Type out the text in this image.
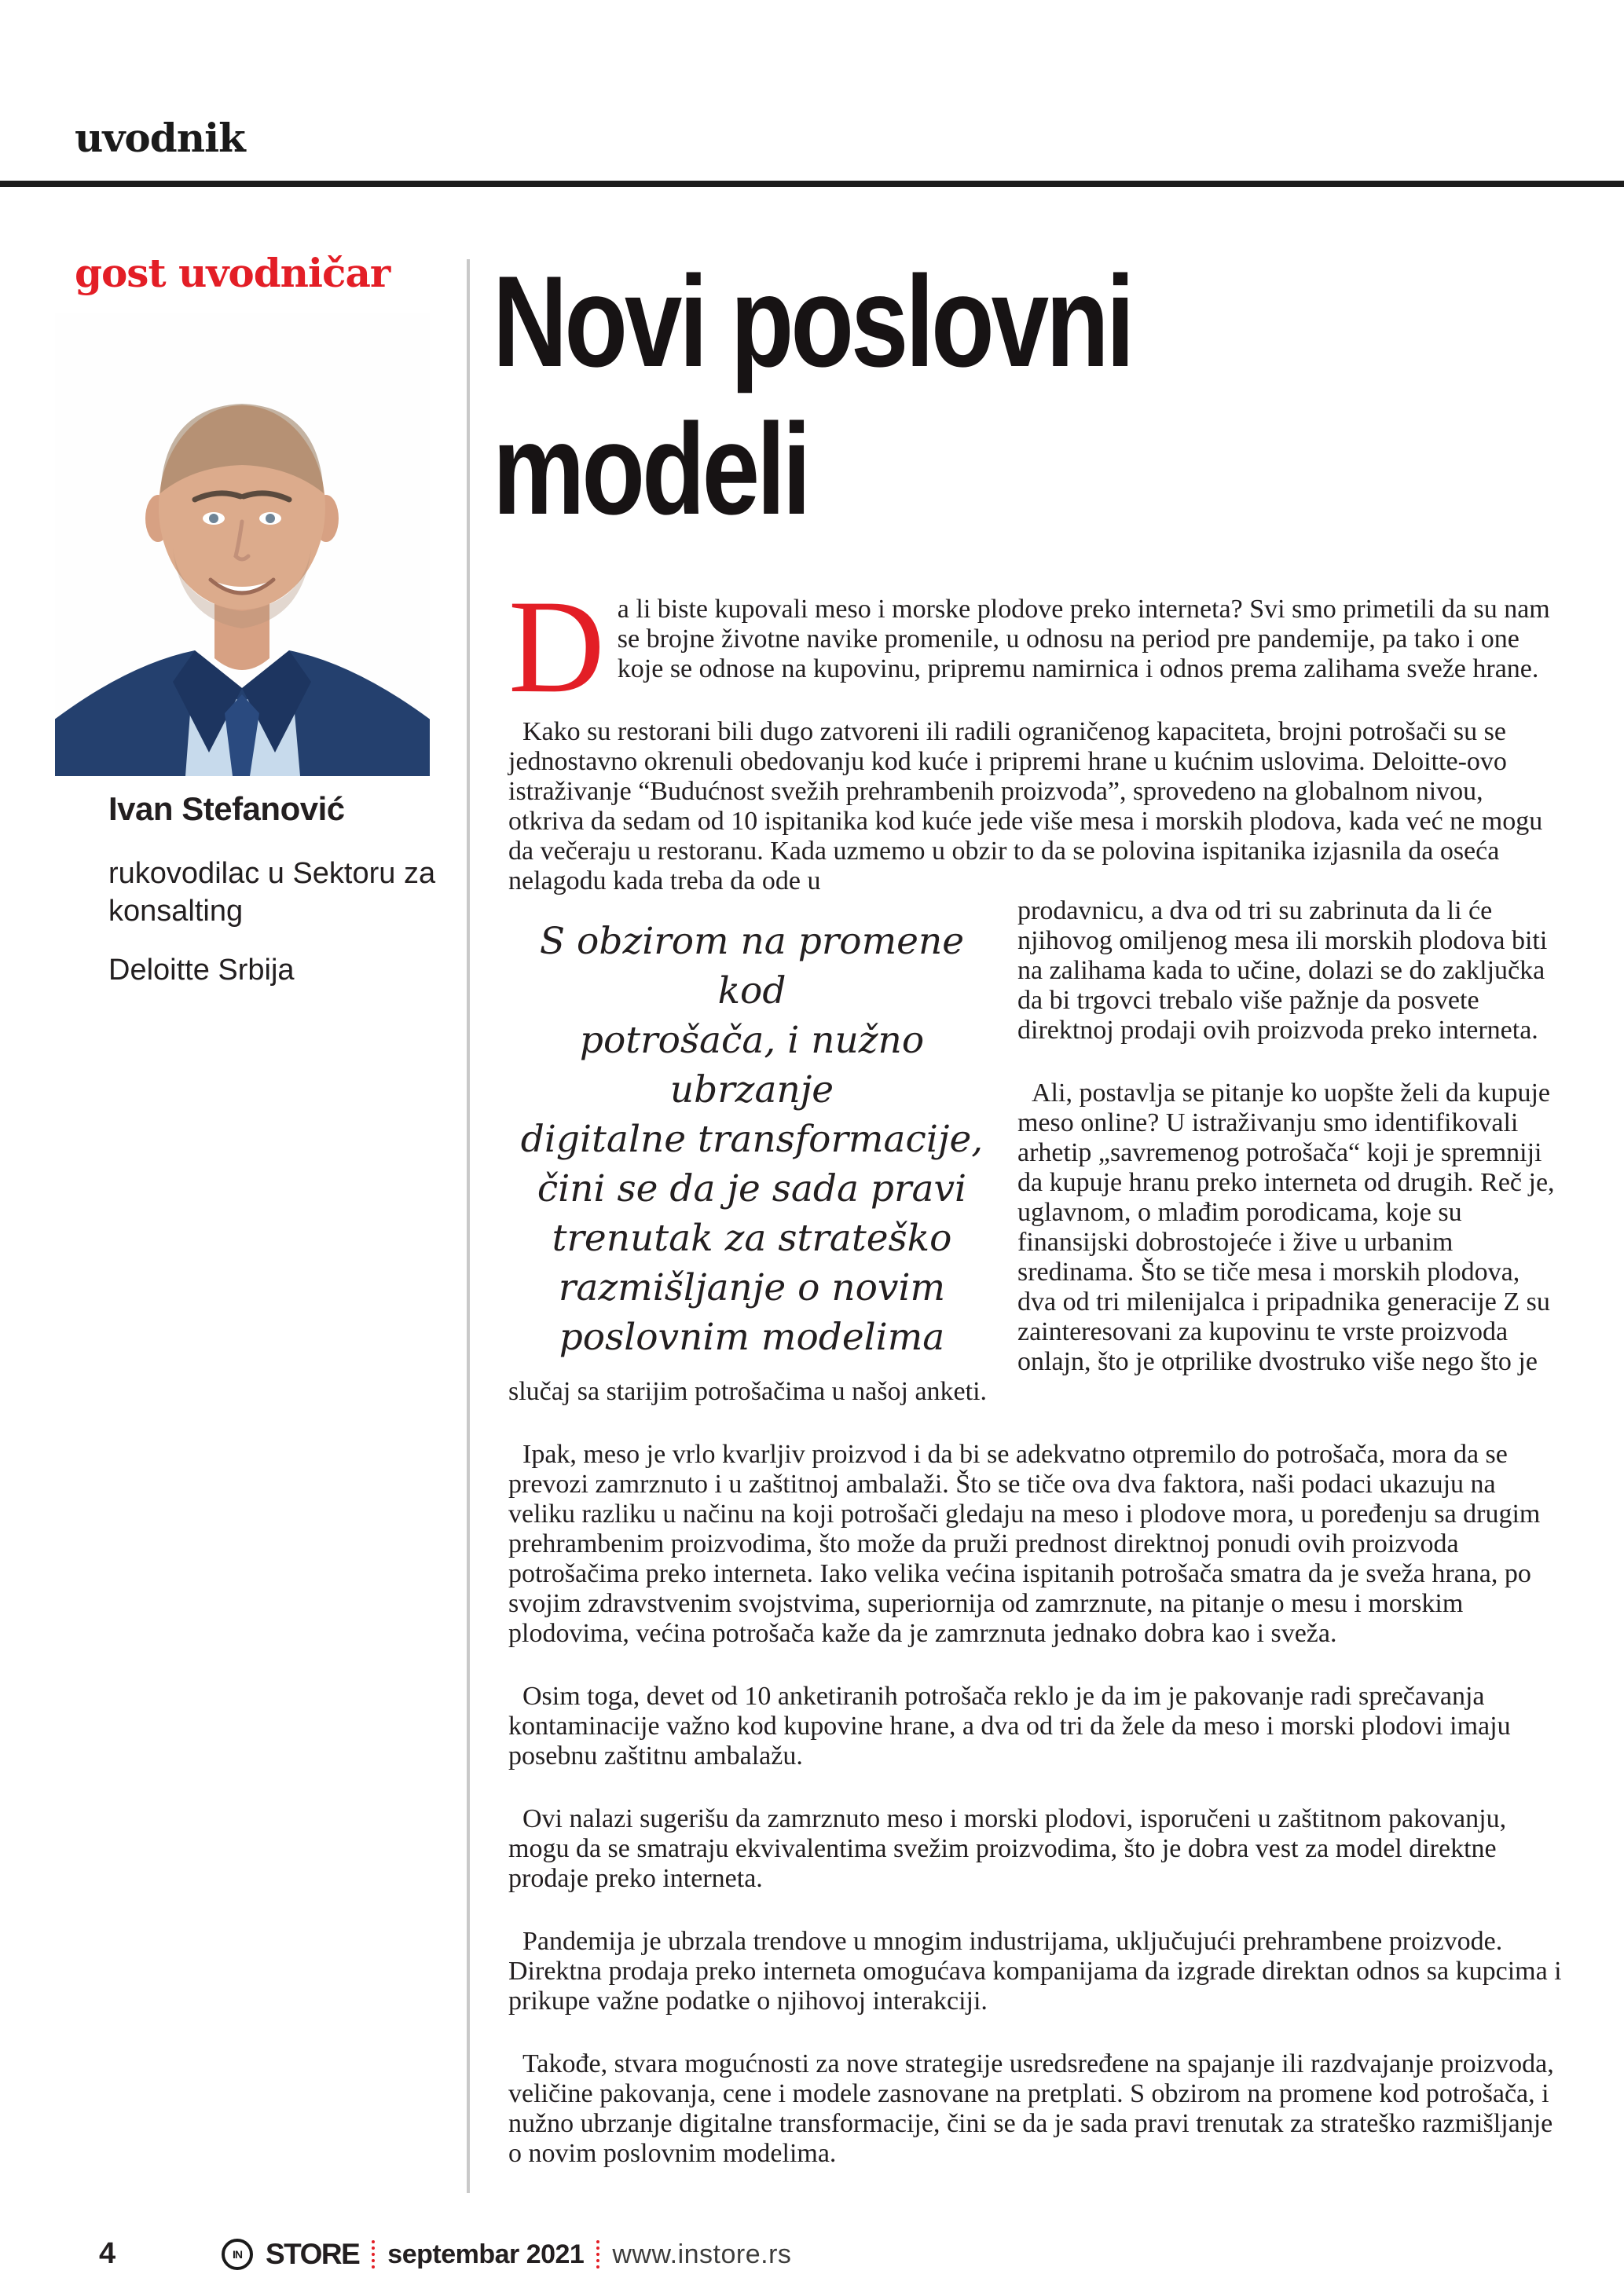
uvodnik
gost uvodničar

Ivan Stefanović

rukovodilac u Sektoru za konsalting

Deloitte Srbija

Novi poslovni
modeli

Da li biste kupovali meso i morske plodove preko interneta? Svi smo primetili da su nam se brojne životne navike promenile, u odnosu na period pre pandemije, pa tako i one koje se odnose na kupovinu, pripremu namirnica i odnos prema zalihama sveže hrane.

Kako su restorani bili dugo zatvoreni ili radili ograničenog kapaciteta, brojni potrošači su se jednostavno okrenuli obedovanju kod kuće i pripremi hrane u kućnim uslovima. Deloitte-ovo istraživanje “Budućnost svežih prehrambenih proizvoda”, sprovedeno na globalnom nivou, otkriva da sedam od 10 ispitanika kod kuće jede više mesa i morskih plodova, kada već ne mogu da večeraju u restoranu. Kada uzmemo u obzir to da se polovina ispitanika izjasnila da oseća nelagodu kada treba da ode u

S obzirom na promene kod
potrošača, i nužno ubrzanje
digitalne transformacije,
čini se da je sada pravi
trenutak za strateško
razmišljanje o novim
poslovnim modelima

prodavnicu, a dva od tri su zabrinuta da li će njihovog omiljenog mesa ili morskih plodova biti na zalihama kada to učine, dolazi se do zaključka da bi trgovci trebalo više pažnje da posvete direktnoj prodaji ovih proizvoda preko interneta.

Ali, postavlja se pitanje ko uopšte želi da kupuje meso online? U istraživanju smo identifikovali arhetip „savremenog potrošača“ koji je spremniji da kupuje hranu preko interneta od drugih. Reč je, uglavnom, o mlađim porodicama, koje su finansijski dobrostojeće i žive u urbanim sredinama. Što se tiče mesa i morskih plodova, dva od tri milenijalca i pripadnika generacije Z su zainteresovani za kupovinu te vrste proizvoda onlajn, što je otprilike dvostruko više nego što je slučaj sa starijim potrošačima u našoj anketi.

Ipak, meso je vrlo kvarljiv proizvod i da bi se adekvatno otpremilo do potrošača, mora da se prevozi zamrznuto i u zaštitnoj ambalaži. Što se tiče ova dva faktora, naši podaci ukazuju na veliku razliku u načinu na koji potrošači gledaju na meso i plodove mora, u poređenju sa drugim prehrambenim proizvodima, što može da pruži prednost direktnoj ponudi ovih proizvoda potrošačima preko interneta. Iako velika većina ispitanih potrošača smatra da je sveža hrana, po svojim zdravstvenim svojstvima, superiornija od zamrznute, na pitanje o mesu i morskim plodovima, većina potrošača kaže da je zamrznuta jednako dobra kao i sveža.

Osim toga, devet od 10 anketiranih potrošača reklo je da im je pakovanje radi sprečavanja kontaminacije važno kod kupovine hrane, a dva od tri da žele da meso i morski plodovi imaju posebnu zaštitnu ambalažu.

Ovi nalazi sugerišu da zamrznuto meso i morski plodovi, isporučeni u zaštitnom pakovanju, mogu da se smatraju ekvivalentima svežim proizvodima, što je dobra vest za model direktne prodaje preko interneta.

Pandemija je ubrzala trendove u mnogim industrijama, uključujući prehrambene proizvode. Direktna prodaja preko interneta omogućava kompanijama da izgrade direktan odnos sa kupcima i prikupe važne podatke o njihovoj interakciji.

Takođe, stvara mogućnosti za nove strategije usredsređene na spajanje ili razdvajanje proizvoda, veličine pakovanja, cene i modele zasnovane na pretplati. S obzirom na promene kod potrošača, i nužno ubrzanje digitalne transformacije, čini se da je sada pravi trenutak za strateško razmišljanje o novim poslovnim modelima.

4	IN STORE septembar 2021 www.instore.rs
